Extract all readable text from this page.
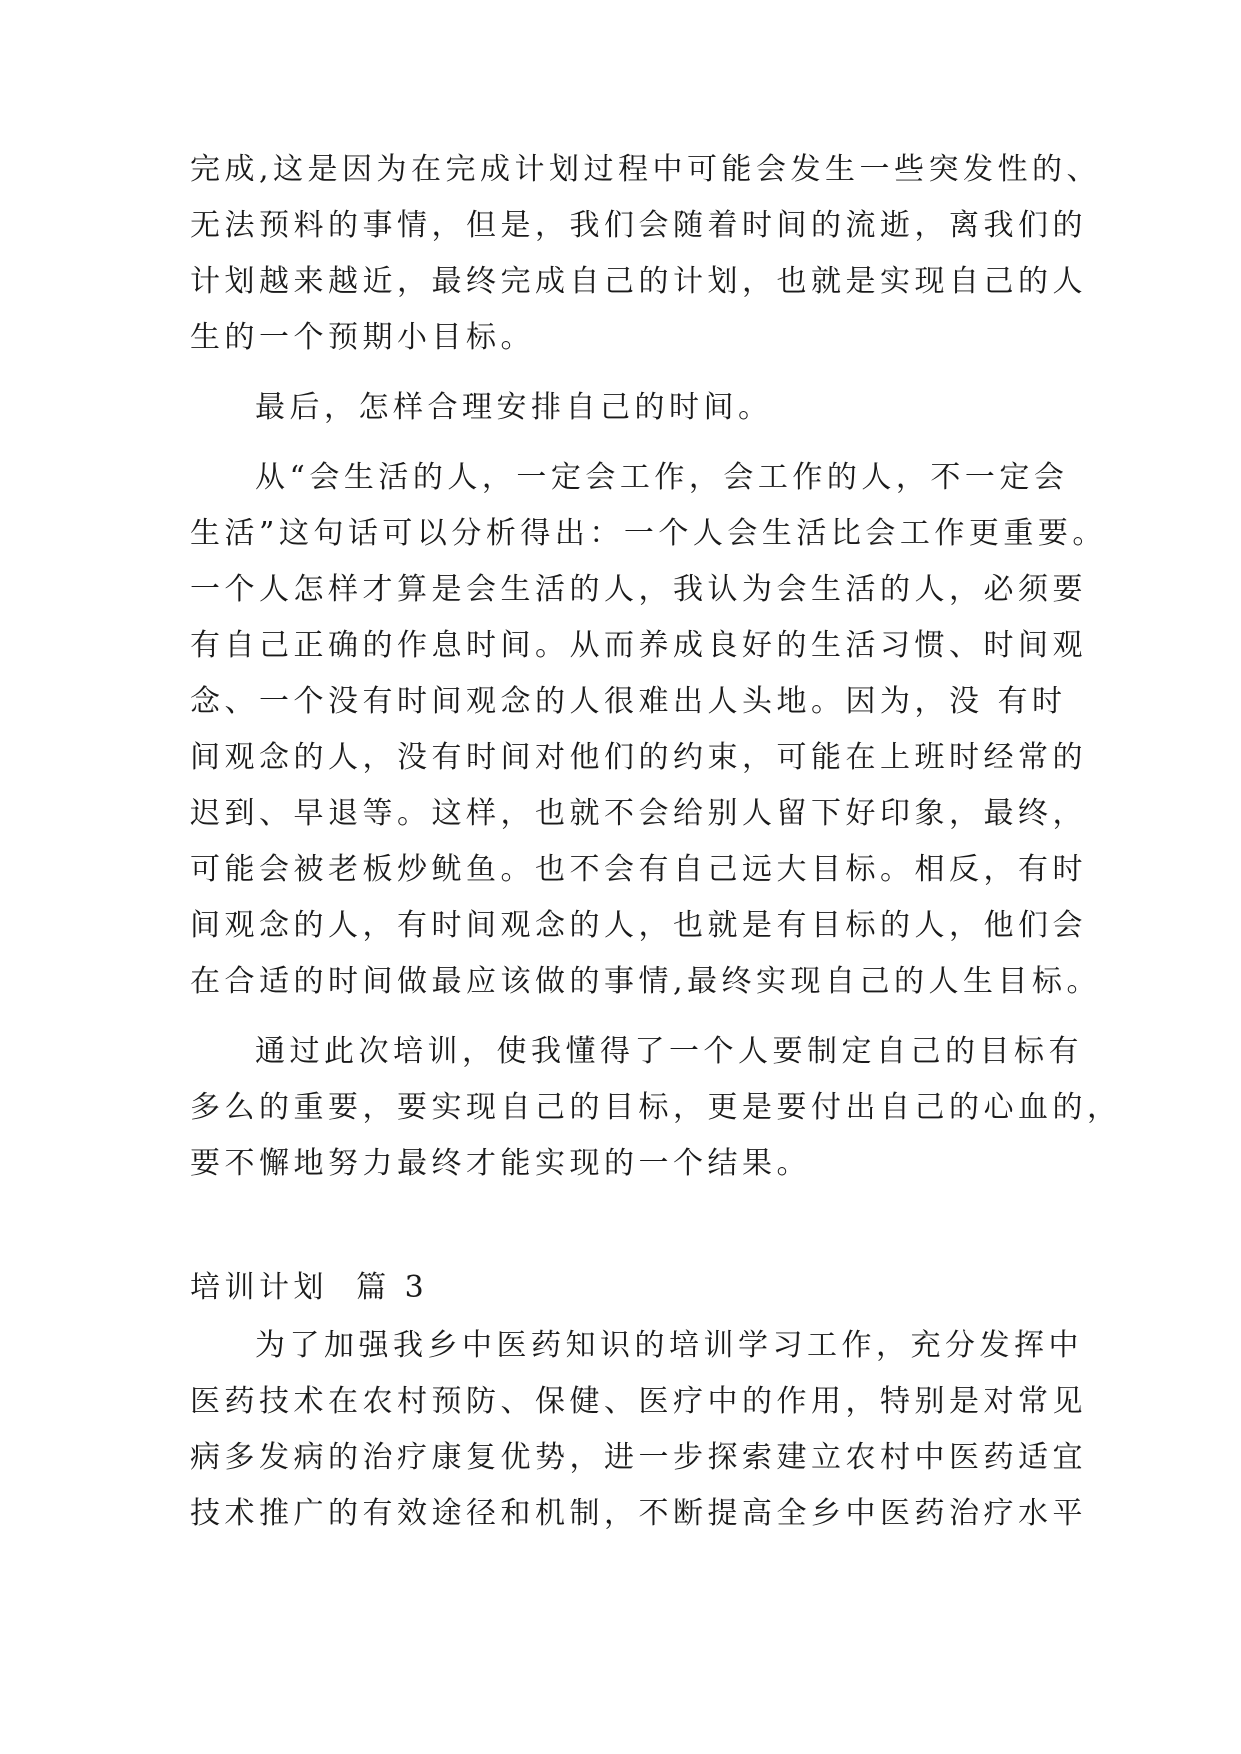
完成,这是因为在完成计划过程中可能会发生一些突发性的、
无法预料的事情，但是，我们会随着时间的流逝，离我们的
计划越来越近，最终完成自己的计划，也就是实现自己的人
生的一个预期小目标。
最后，怎样合理安排自己的时间。
从“会生活的人，一定会工作，会工作的人，不一定会
生活”这句话可以分析得出：一个人会生活比会工作更重要。
一个人怎样才算是会生活的人，我认为会生活的人，必须要
有自己正确的作息时间。从而养成良好的生活习惯、时间观
念、一个没有时间观念的人很难出人头地。因为，没 有时
间观念的人，没有时间对他们的约束，可能在上班时经常的
迟到、早退等。这样，也就不会给别人留下好印象，最终，
可能会被老板炒鱿鱼。也不会有自己远大目标。相反，有时
间观念的人，有时间观念的人，也就是有目标的人，他们会
在合适的时间做最应该做的事情,最终实现自己的人生目标。
通过此次培训，使我懂得了一个人要制定自己的目标有
多么的重要，要实现自己的目标，更是要付出自己的心血的，
要不懈地努力最终才能实现的一个结果。
培训计划  篇 3
为了加强我乡中医药知识的培训学习工作，充分发挥中
医药技术在农村预防、保健、医疗中的作用，特别是对常见
病多发病的治疗康复优势，进一步探索建立农村中医药适宜
技术推广的有效途径和机制，不断提高全乡中医药治疗水平
